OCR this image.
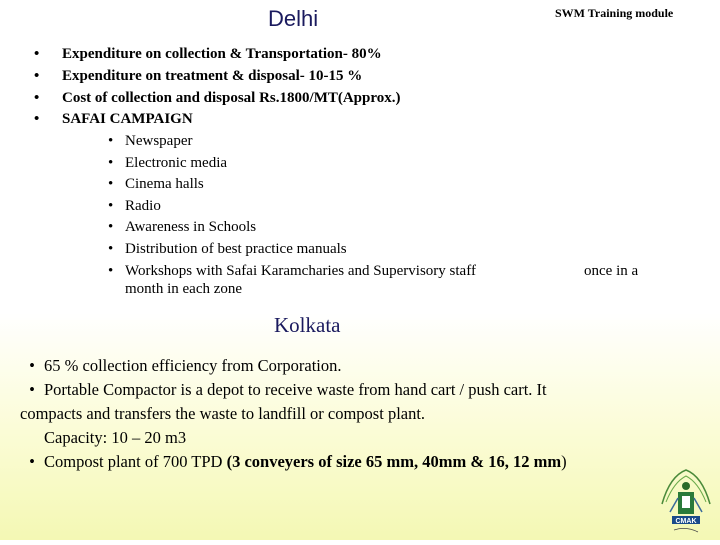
Delhi	SWM Training module
• Expenditure on collection & Transportation- 80%
• Expenditure on treatment & disposal- 10-15 %
• Cost of collection and disposal Rs.1800/MT(Approx.)
• SAFAI CAMPAIGN
• Newspaper
• Electronic media
• Cinema halls
• Radio
• Awareness in Schools
• Distribution of best practice manuals
• Workshops with Safai Karamcharies and Supervisory staff	once in a
month in each zone
Kolkata
• 65 % collection efficiency from Corporation.
• Portable Compactor is a depot to receive waste from hand cart / push cart. It
compacts and transfers the waste to landfill or compost plant.
Capacity: 10 – 20 m3
• Compost plant of 700 TPD (3 conveyers of size 65 mm, 40mm & 16, 12 mm)
CMAK
